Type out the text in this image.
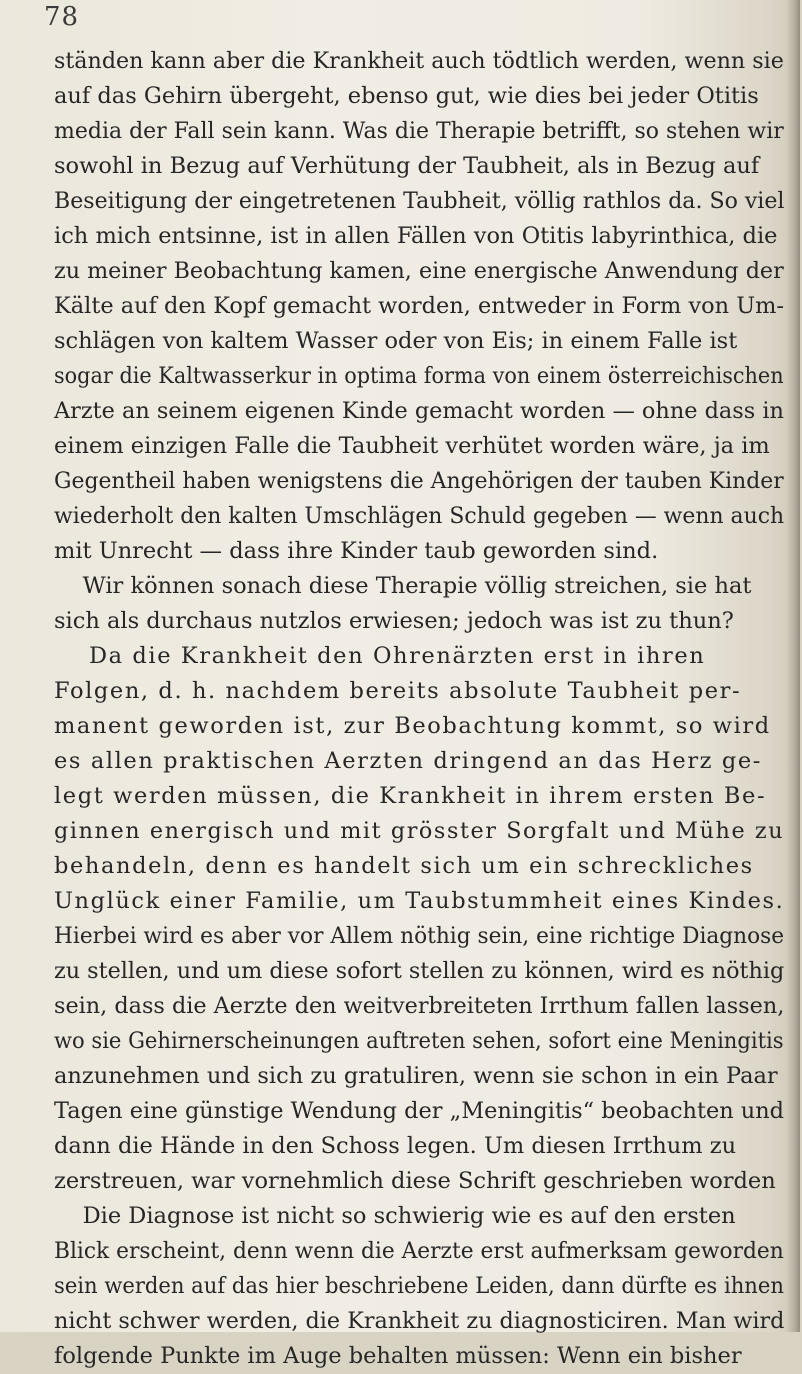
78
ständen kann aber die Krankheit auch tödtlich werden, wenn sie
auf das Gehirn übergeht, ebenso gut, wie dies bei jeder Otitis
media der Fall sein kann. Was die Therapie betrifft, so stehen wir
sowohl in Bezug auf Verhütung der Taubheit, als in Bezug auf
Beseitigung der eingetretenen Taubheit, völlig rathlos da. So viel
ich mich entsinne, ist in allen Fällen von Otitis labyrinthica, die
zu meiner Beobachtung kamen, eine energische Anwendung der
Kälte auf den Kopf gemacht worden, entweder in Form von Um-
schlägen von kaltem Wasser oder von Eis; in einem Falle ist
sogar die Kaltwasserkur in optima forma von einem österreichischen
Arzte an seinem eigenen Kinde gemacht worden — ohne dass in
einem einzigen Falle die Taubheit verhütet worden wäre, ja im
Gegentheil haben wenigstens die Angehörigen der tauben Kinder
wiederholt den kalten Umschlägen Schuld gegeben — wenn auch
mit Unrecht — dass ihre Kinder taub geworden sind.
Wir können sonach diese Therapie völlig streichen, sie hat
sich als durchaus nutzlos erwiesen; jedoch was ist zu thun?
Da die Krankheit den Ohrenärzten erst in ihren
Folgen, d. h. nachdem bereits absolute Taubheit per-
manent geworden ist, zur Beobachtung kommt, so wird
es allen praktischen Aerzten dringend an das Herz ge-
legt werden müssen, die Krankheit in ihrem ersten Be-
ginnen energisch und mit grösster Sorgfalt und Mühe zu
behandeln, denn es handelt sich um ein schreckliches
Unglück einer Familie, um Taubstummheit eines Kindes.
Hierbei wird es aber vor Allem nöthig sein, eine richtige Diagnose
zu stellen, und um diese sofort stellen zu können, wird es nöthig
sein, dass die Aerzte den weitverbreiteten Irrthum fallen lassen,
wo sie Gehirnerscheinungen auftreten sehen, sofort eine Meningitis
anzunehmen und sich zu gratuliren, wenn sie schon in ein Paar
Tagen eine günstige Wendung der „Meningitis“ beobachten und
dann die Hände in den Schoss legen. Um diesen Irrthum zu
zerstreuen, war vornehmlich diese Schrift geschrieben worden
Die Diagnose ist nicht so schwierig wie es auf den ersten
Blick erscheint, denn wenn die Aerzte erst aufmerksam geworden
sein werden auf das hier beschriebene Leiden, dann dürfte es ihnen
nicht schwer werden, die Krankheit zu diagnosticiren. Man wird
folgende Punkte im Auge behalten müssen: Wenn ein bisher
